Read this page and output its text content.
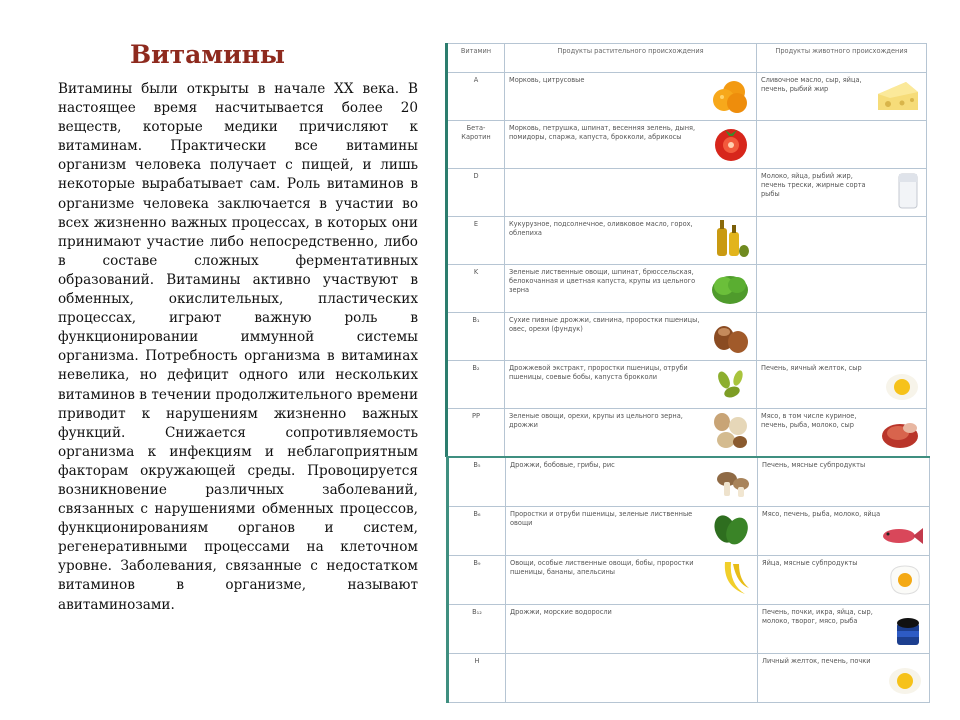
Витамины

Витамины были открыты в начале XX века. В настоящее время насчитывается более 20 веществ, которые медики причисляют к витаминам. Практически все витамины организм человека получает с пищей, и лишь некоторые вырабатывает сам. Роль витаминов в организме человека заключается в участии во всех жизненно важных процессах, в которых они принимают участие либо непосредственно, либо в составе сложных ферментативных образований. Витамины активно участвуют в обменных, окислительных, пластических процессах, играют важную роль в функционировании иммунной системы организма. Потребность организма в витаминах невелика, но дефицит одного или нескольких витаминов в течении продолжительного времени приводит к нарушениям жизненно важных функций. Снижается сопротивляемость организма к инфекциям и неблагоприятным факторам окружающей среды. Провоцируется возникновение различных заболеваний, связанных с нарушениями обменных процессов, функционированиям органов и систем, регенеративными процессами на клеточном уровне. Заболевания, связанные с недостатком витаминов в организме, называют авитаминозами.

Витамин	Продукты растительного происхождения	Продукты животного происхождения
A	Морковь, цитрусовые	Сливочное масло, сыр, яйца, печень, рыбий жир

Бета-Каротин	Морковь, петрушка, шпинат, весенняя зелень, дыня, помидоры, спаржа, капуста, брокколи, абрикосы	

D		Молоко, яйца, рыбий жир, печень трески, жирные сорта рыбы

E	Кукурузное, подсолнечное, оливковое масло, горох, облепиха	

K	Зеленые лиственные овощи, шпинат, брюссельская, белокочанная и цветная капуста, крупы из цельного зерна	

B₁	Сухие пивные дрожжи, свинина, проростки пшеницы, овес, орехи (фундук)	

B₂	Дрожжевой экстракт, проростки пшеницы, отруби пшеницы, соевые бобы, капуста брокколи	Печень, яичный желток, сыр

PP	Зеленые овощи, орехи, крупы из цельного зерна, дрожжи	Мясо, в том числе куриное, печень, рыба, молоко, сыр
B₅	Дрожжи, бобовые, грибы, рис	Печень, мясные субпродукты

B₆	Проростки и отруби пшеницы, зеленые лиственные овощи	Мясо, печень, рыба, молоко, яйца

B₉	Овощи, особые лиственные овощи, бобы, проростки пшеницы, бананы, апельсины	Яйца, мясные субпродукты

B₁₂	Дрожжи, морские водоросли	Печень, почки, икра, яйца, сыр, молоко, творог, мясо, рыба

H		Личный желток, печень, почки
